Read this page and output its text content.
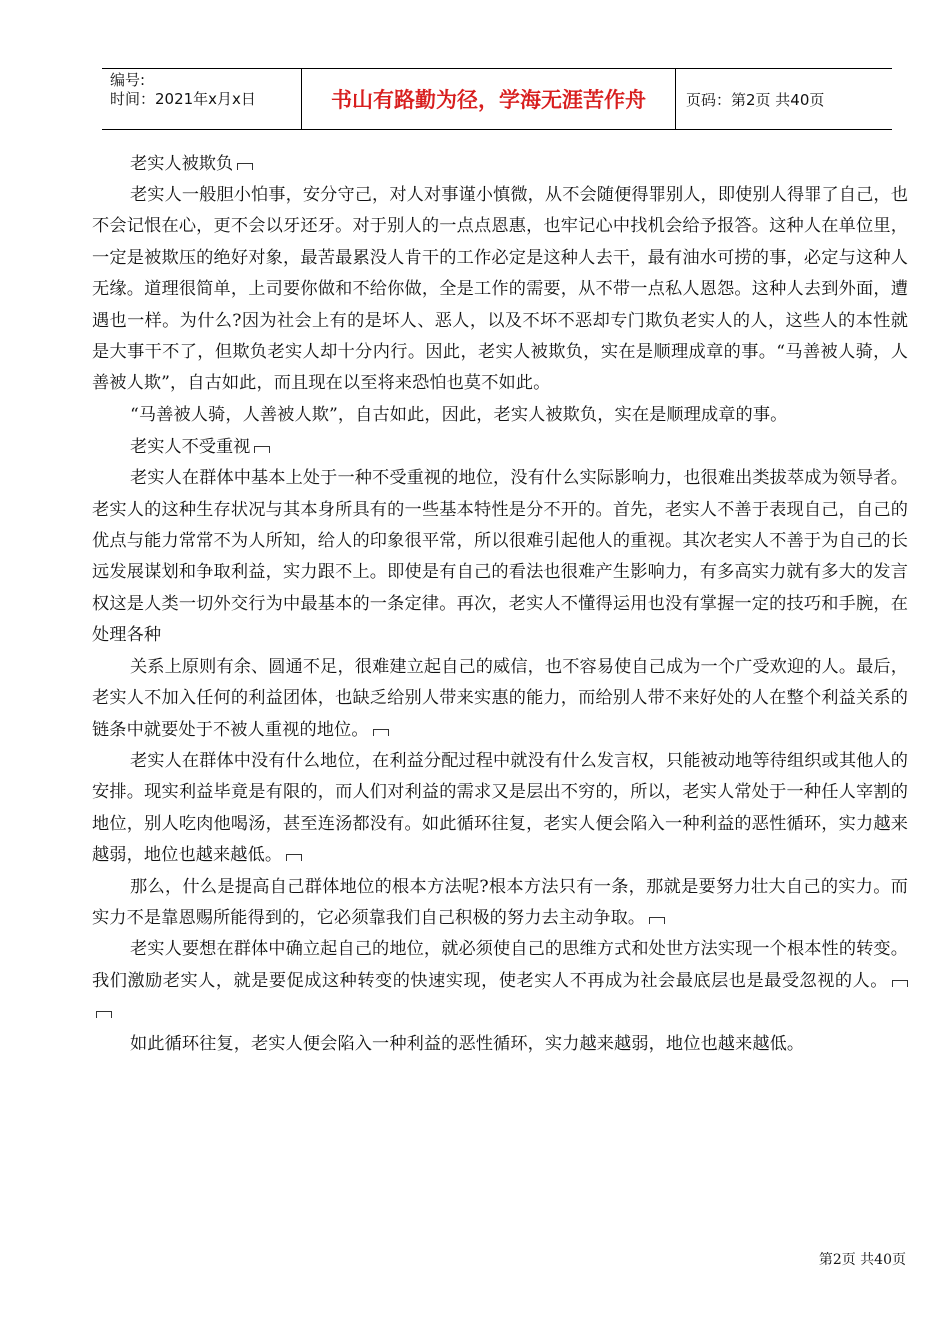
编号:
时间：2021年x月x日	书山有路勤为径，学海无涯苦作舟	页码：第2页 共40页

老实人被欺负

老实人一般胆小怕事，安分守己，对人对事谨小慎微，从不会随便得罪别人，即使别人得罪了自己，也不会记恨在心，更不会以牙还牙。对于别人的一点点恩惠，也牢记心中找机会给予报答。这种人在单位里，一定是被欺压的绝好对象，最苦最累没人肯干的工作必定是这种人去干，最有油水可捞的事，必定与这种人无缘。道理很简单，上司要你做和不给你做，全是工作的需要，从不带一点私人恩怨。这种人去到外面，遭遇也一样。为什么?因为社会上有的是坏人、恶人，以及不坏不恶却专门欺负老实人的人，这些人的本性就是大事干不了，但欺负老实人却十分内行。因此，老实人被欺负，实在是顺理成章的事。“马善被人骑，人善被人欺”，自古如此，而且现在以至将来恐怕也莫不如此。

“马善被人骑，人善被人欺”，自古如此，因此，老实人被欺负，实在是顺理成章的事。

老实人不受重视

老实人在群体中基本上处于一种不受重视的地位，没有什么实际影响力，也很难出类拔萃成为领导者。老实人的这种生存状况与其本身所具有的一些基本特性是分不开的。首先，老实人不善于表现自己，自己的优点与能力常常不为人所知，给人的印象很平常，所以很难引起他人的重视。其次老实人不善于为自己的长远发展谋划和争取利益，实力跟不上。即使是有自己的看法也很难产生影响力，有多高实力就有多大的发言权这是人类一切外交行为中最基本的一条定律。再次，老实人不懂得运用也没有掌握一定的技巧和手腕，在处理各种

关系上原则有余、圆通不足，很难建立起自己的威信，也不容易使自己成为一个广受欢迎的人。最后，老实人不加入任何的利益团体，也缺乏给别人带来实惠的能力，而给别人带不来好处的人在整个利益关系的链条中就要处于不被人重视的地位。

老实人在群体中没有什么地位，在利益分配过程中就没有什么发言权，只能被动地等待组织或其他人的安排。现实利益毕竟是有限的，而人们对利益的需求又是层出不穷的，所以，老实人常处于一种任人宰割的地位，别人吃肉他喝汤，甚至连汤都没有。如此循环往复，老实人便会陷入一种利益的恶性循环，实力越来越弱，地位也越来越低。

那么，什么是提高自己群体地位的根本方法呢?根本方法只有一条，那就是要努力壮大自己的实力。而实力不是靠恩赐所能得到的，它必须靠我们自己积极的努力去主动争取。

老实人要想在群体中确立起自己的地位，就必须使自己的思维方式和处世方法实现一个根本性的转变。我们激励老实人，就是要促成这种转变的快速实现，使老实人不再成为社会最底层也是最受忽视的人。

如此循环往复，老实人便会陷入一种利益的恶性循环，实力越来越弱，地位也越来越低。

第2页 共40页
